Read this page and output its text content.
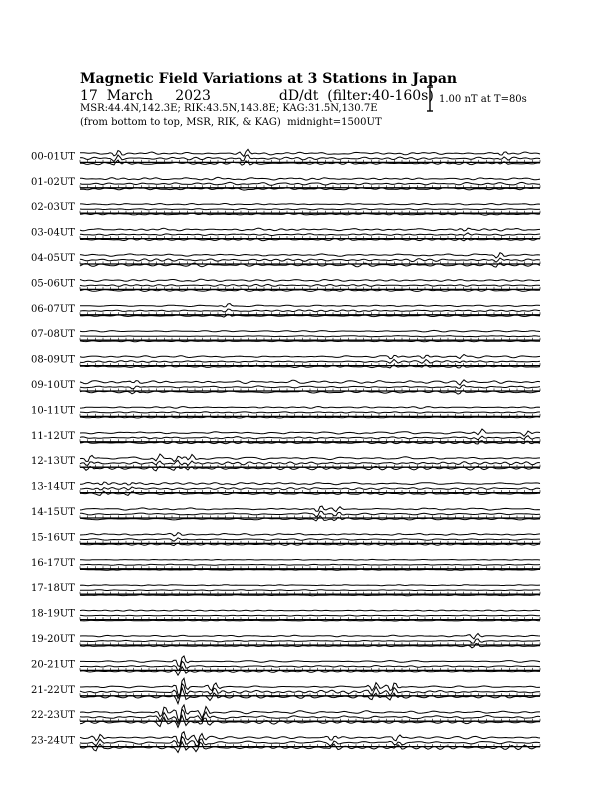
00-01UT
01-02UT
02-03UT
03-04UT
04-05UT
05-06UT
06-07UT
07-08UT
08-09UT
09-10UT
10-11UT
11-12UT
12-13UT
13-14UT
14-15UT
15-16UT
16-17UT
17-18UT
18-19UT
19-20UT
20-21UT
21-22UT
22-23UT
23-24UT
Magnetic Field Variations at 3 Stations in Japan
17 March 2023	dD/dt (filter:40-160s)
MSR:44.4N,142.3E; RIK:43.5N,143.8E; KAG:31.5N,130.7E
(from bottom to top, MSR, RIK, & KAG) midnight=1500UT
1.00 nT at T=80s
